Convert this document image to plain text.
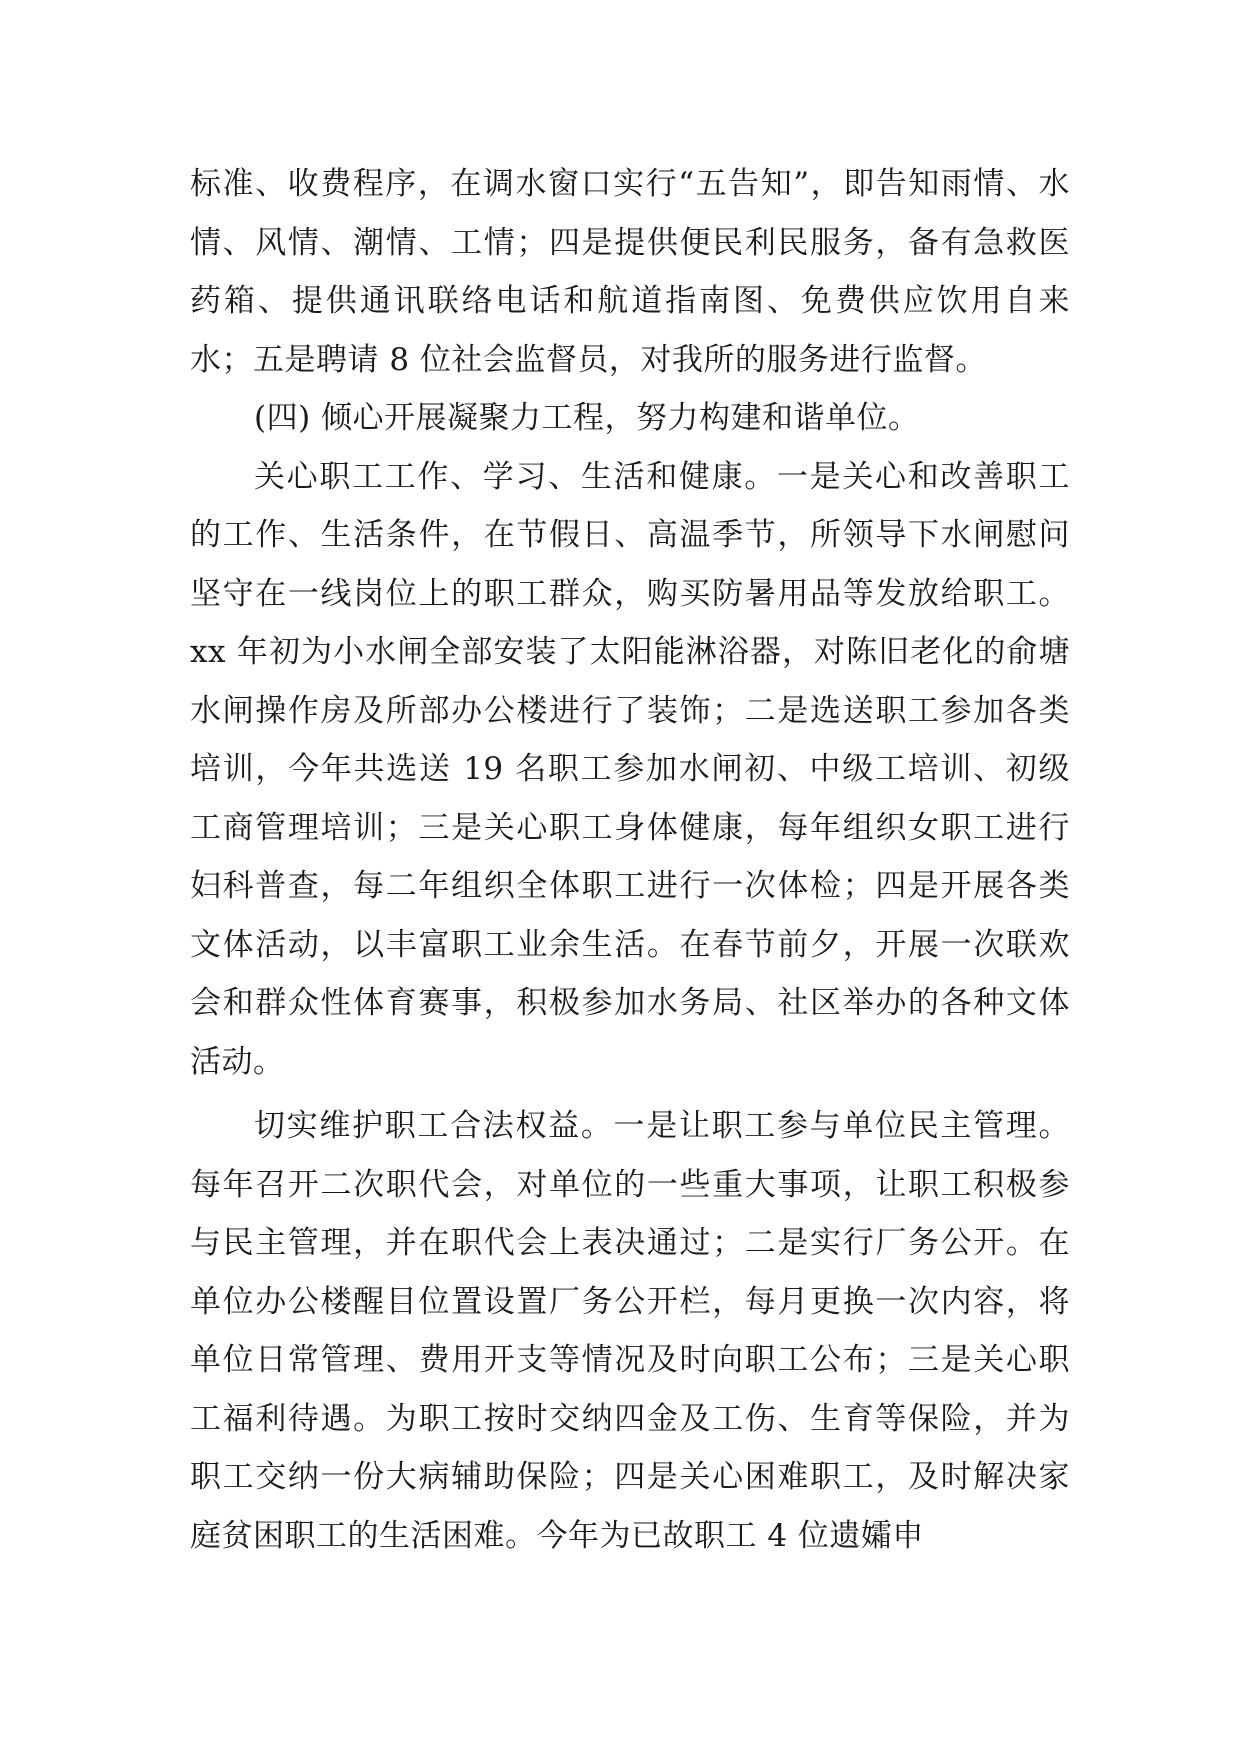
标准、收费程序，在调水窗口实行“五告知”，即告知雨情、水情、风情、潮情、工情；四是提供便民利民服务，备有急救医药箱、提供通讯联络电话和航道指南图、免费供应饮用自来水；五是聘请 8 位社会监督员，对我所的服务进行监督。

(四) 倾心开展凝聚力工程，努力构建和谐单位。

关心职工工作、学习、生活和健康。一是关心和改善职工的工作、生活条件，在节假日、高温季节，所领导下水闸慰问坚守在一线岗位上的职工群众，购买防暑用品等发放给职工。xx 年初为小水闸全部安装了太阳能淋浴器，对陈旧老化的俞塘水闸操作房及所部办公楼进行了装饰；二是选送职工参加各类培训，今年共选送 19 名职工参加水闸初、中级工培训、初级工商管理培训；三是关心职工身体健康，每年组织女职工进行妇科普查，每二年组织全体职工进行一次体检；四是开展各类文体活动，以丰富职工业余生活。在春节前夕，开展一次联欢会和群众性体育赛事，积极参加水务局、社区举办的各种文体活动。

切实维护职工合法权益。一是让职工参与单位民主管理。每年召开二次职代会，对单位的一些重大事项，让职工积极参与民主管理，并在职代会上表决通过；二是实行厂务公开。在单位办公楼醒目位置设置厂务公开栏，每月更换一次内容，将单位日常管理、费用开支等情况及时向职工公布；三是关心职工福利待遇。为职工按时交纳四金及工伤、生育等保险，并为职工交纳一份大病辅助保险；四是关心困难职工，及时解决家庭贫困职工的生活困难。今年为已故职工 4 位遗孀申
